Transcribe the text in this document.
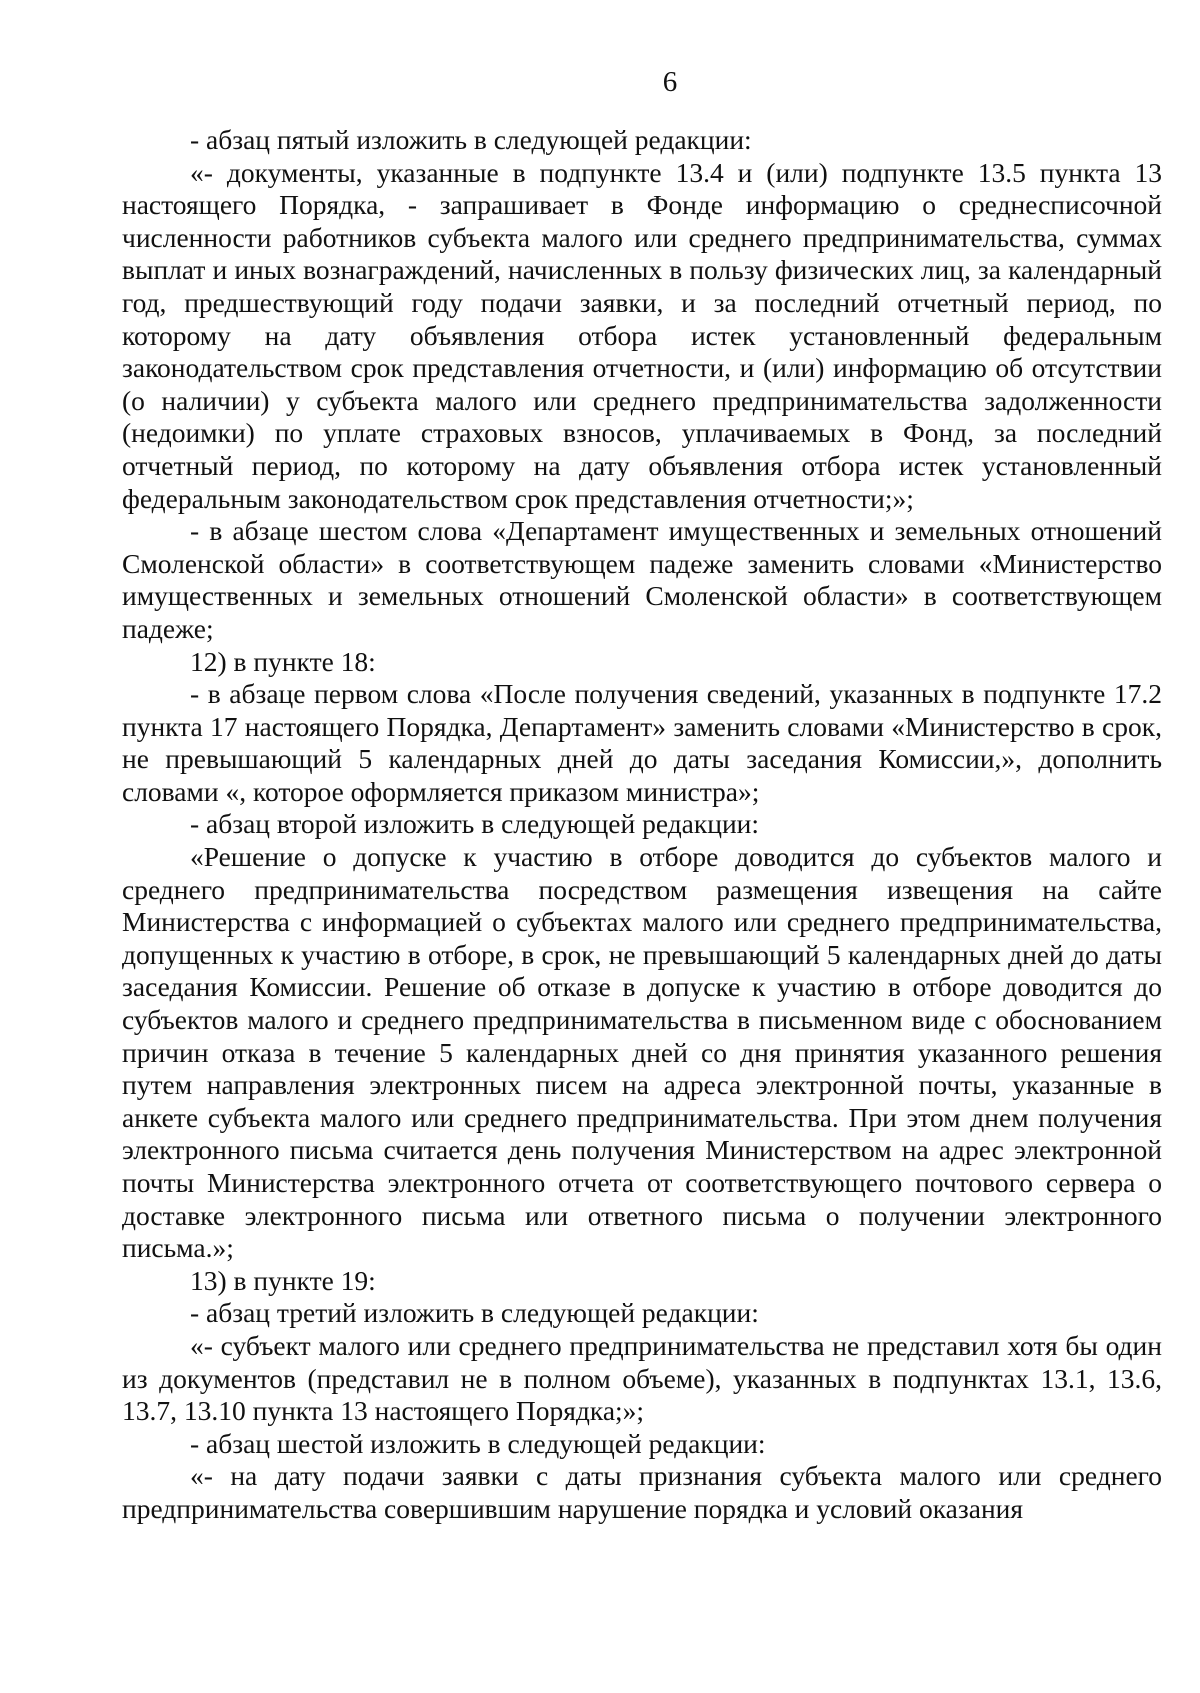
6

- абзац пятый изложить в следующей редакции:

«- документы, указанные в подпункте 13.4 и (или) подпункте 13.5 пункта 13 настоящего Порядка, - запрашивает в Фонде информацию о среднесписочной численности работников субъекта малого или среднего предпринимательства, суммах выплат и иных вознаграждений, начисленных в пользу физических лиц, за календарный год, предшествующий году подачи заявки, и за последний отчетный период, по которому на дату объявления отбора истек установленный федеральным законодательством срок представления отчетности, и (или) информацию об отсутствии (о наличии) у субъекта малого или среднего предпринимательства задолженности (недоимки) по уплате страховых взносов, уплачиваемых в Фонд, за последний отчетный период, по которому на дату объявления отбора истек установленный федеральным законодательством срок представления отчетности;»;

- в абзаце шестом слова «Департамент имущественных и земельных отношений Смоленской области» в соответствующем падеже заменить словами «Министерство имущественных и земельных отношений Смоленской области» в соответствующем падеже;

12) в пункте 18:

- в абзаце первом слова «После получения сведений, указанных в подпункте 17.2 пункта 17 настоящего Порядка, Департамент» заменить словами «Министерство в срок, не превышающий 5 календарных дней до даты заседания Комиссии,», дополнить словами «, которое оформляется приказом министра»;

- абзац второй изложить в следующей редакции:

«Решение о допуске к участию в отборе доводится до субъектов малого и среднего предпринимательства посредством размещения извещения на сайте Министерства с информацией о субъектах малого или среднего предпринимательства, допущенных к участию в отборе, в срок, не превышающий 5 календарных дней до даты заседания Комиссии. Решение об отказе в допуске к участию в отборе доводится до субъектов малого и среднего предпринимательства в письменном виде с обоснованием причин отказа в течение 5 календарных дней со дня принятия указанного решения путем направления электронных писем на адреса электронной почты, указанные в анкете субъекта малого или среднего предпринимательства. При этом днем получения электронного письма считается день получения Министерством на адрес электронной почты Министерства электронного отчета от соответствующего почтового сервера о доставке электронного письма или ответного письма о получении электронного письма.»;

13) в пункте 19:

- абзац третий изложить в следующей редакции:

«- субъект малого или среднего предпринимательства не представил хотя бы один из документов (представил не в полном объеме), указанных в подпунктах 13.1, 13.6, 13.7, 13.10 пункта 13 настоящего Порядка;»;

- абзац шестой изложить в следующей редакции:

«- на дату подачи заявки с даты признания субъекта малого или среднего предпринимательства совершившим нарушение порядка и условий оказания
